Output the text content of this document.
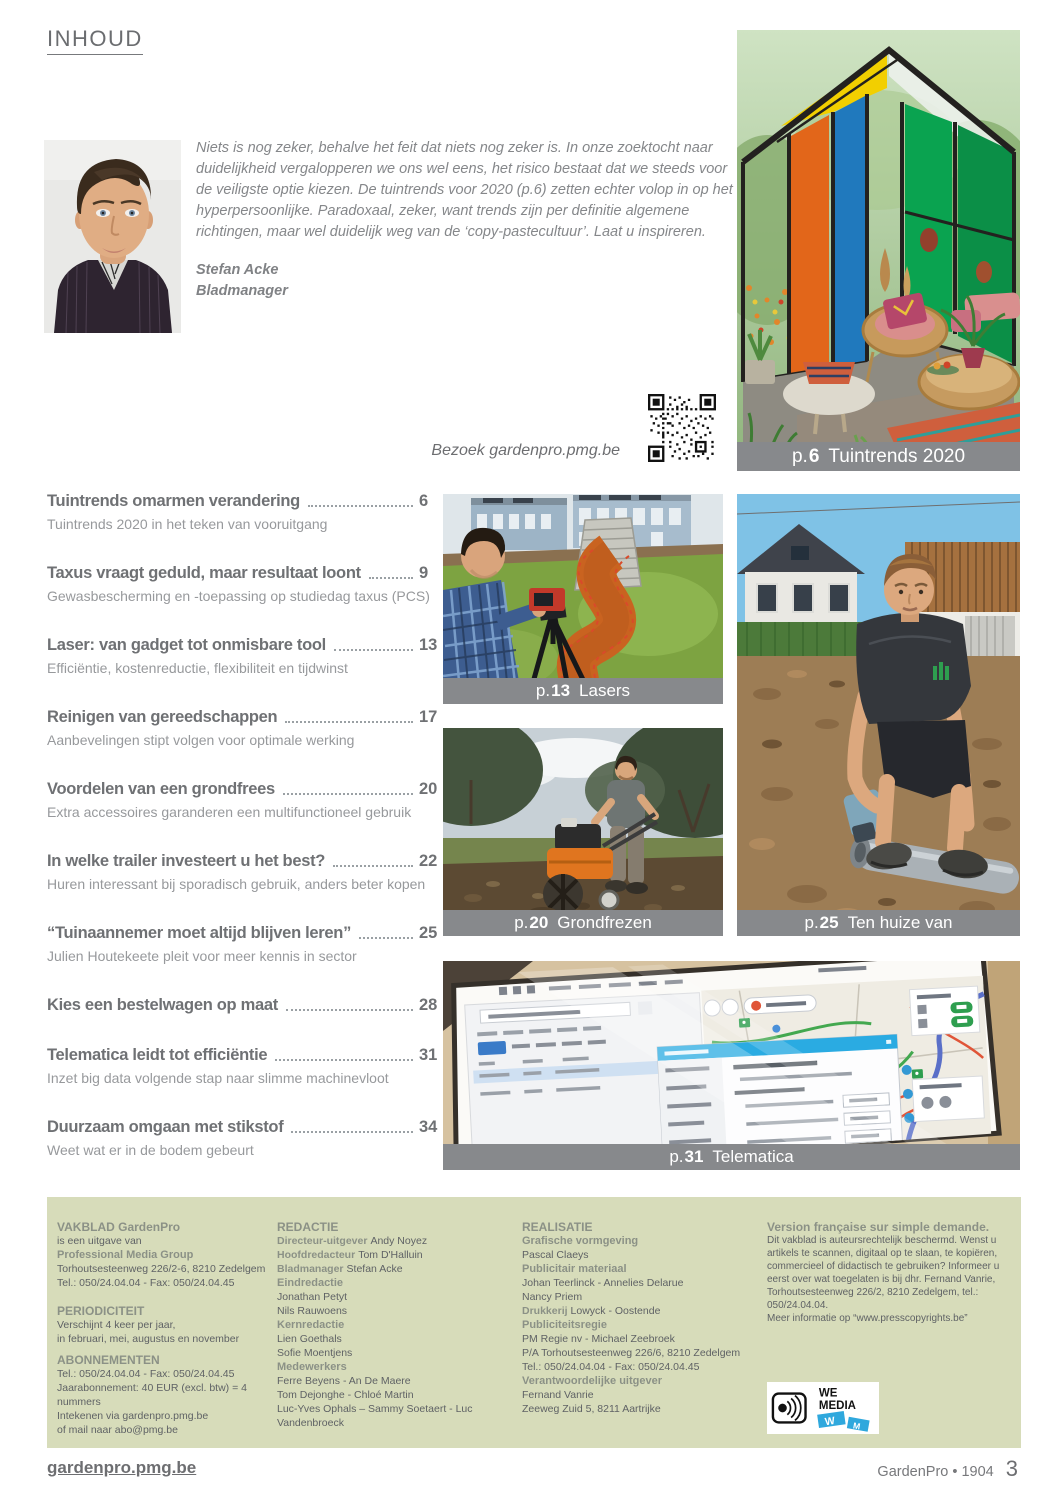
INHOUD

Niets is nog zeker, behalve het feit dat niets nog zeker is. In onze zoektocht naar duidelijkheid vergalopperen we ons wel eens, het risico bestaat dat we steeds voor de veiligste optie kiezen. De tuintrends voor 2020 (p.6) zetten echter volop in op het hyperpersoonlijke. Paradoxaal, zeker, want trends zijn per definitie algemene richtingen, maar wel duidelijk weg van de ‘copy-pastecultuur’. Laat u inspireren.

Stefan Acke
Bladmanager

Bezoek gardenpro.pmg.be	p. 6 Tuintrends 2020
p. 13 Lasers
p. 20 Grondfrezen	p. 25 Ten huize van
p. 31 Telematica
Tuintrends omarmen verandering	6
Tuintrends 2020 in het teken van vooruitgang
Taxus vraagt geduld, maar resultaat loont	9
Gewasbescherming en -toepassing op studiedag taxus (PCS)
Laser: van gadget tot onmisbare tool	13
Efficiëntie, kostenreductie, flexibiliteit en tijdwinst
Reinigen van gereedschappen	17
Aanbevelingen stipt volgen voor optimale werking
Voordelen van een grondfrees	20
Extra accessoires garanderen een multifunctioneel gebruik
In welke trailer investeert u het best?	22
Huren interessant bij sporadisch gebruik, anders beter kopen
“Tuinaannemer moet altijd blijven leren”	25
Julien Houtekeete pleit voor meer kennis in sector
Kies een bestelwagen op maat	28
Telematica leidt tot efficiëntie	31
Inzet big data volgende stap naar slimme machinevloot
Duurzaam omgaan met stikstof	34
Weet wat er in de bodem gebeurt
VAKBLAD GardenPro
is een uitgave van
Professional Media Group
Torhoutsesteenweg 226/2-6, 8210 Zedelgem
Tel.: 050/24.04.04 - Fax: 050/24.04.45
PERIODICITEIT
Verschijnt 4 keer per jaar,
in februari, mei, augustus en november
ABONNEMENTEN
Tel.: 050/24.04.04 - Fax: 050/24.04.45
Jaarabonnement: 40 EUR (excl. btw) = 4 nummers
Intekenen via gardenpro.pmg.be
of mail naar abo@pmg.be
REDACTIE
Directeur-uitgever Andy Noyez
Hoofdredacteur Tom D'Halluin
Bladmanager Stefan Acke
Eindredactie
Jonathan Petyt
Nils Rauwoens
Kernredactie
Lien Goethals
Sofie Moentjens
Medewerkers
Ferre Beyens - An De Maere
Tom Dejonghe - Chloé Martin
Luc-Yves Ophals – Sammy Soetaert - Luc Vandenbroeck
REALISATIE
Grafische vormgeving
Pascal Claeys
Publicitair materiaal
Johan Teerlinck - Annelies Delarue
Nancy Priem
Drukkerij Lowyck - Oostende
Publiciteitsregie
PM Regie nv - Michael Zeebroek
P/A Torhoutsesteenweg 226/6, 8210 Zedelgem
Tel.: 050/24.04.04 - Fax: 050/24.04.45
Verantwoordelijke uitgever
Fernand Vanrie
Zeeweg Zuid 5, 8211 Aartrijke
Version française sur simple demande.
Dit vakblad is auteursrechtelijk beschermd. Wenst u artikels te scannen, digitaal op te slaan, te kopiëren, commercieel of didactisch te gebruiken? Informeer u eerst over wat toegelaten is bij dhr. Fernand Vanrie, Torhoutsesteenweg 226/2, 8210 Zedelgem, tel.: 050/24.04.04.
Meer informatie op “www.presscopyrights.be”
WE
MEDIA
W M
gardenpro.pmg.be	GardenPro • 1904 3
